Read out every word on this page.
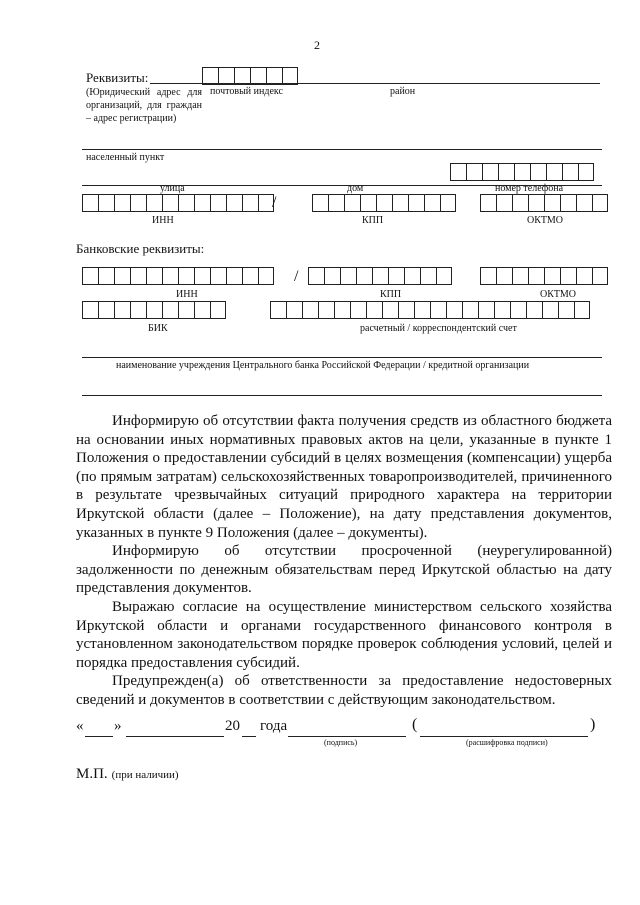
2
Реквизиты:
(Юридический адрес для организаций, для граждан – адрес регистрации)
почтовый индекс	район
населенный пункт
улица	дом	номер телефона
/
ИНН	КПП	ОКТМО
Банковские реквизиты:
/
ИНН	КПП	ОКТМО
БИК	расчетный / корреспондентский счет
наименование учреждения Центрального банка Российской Федерации / кредитной организации

Информирую об отсутствии факта получения средств из областного бюджета на основании иных нормативных правовых актов на цели, указанные в пункте 1 Положения о предоставлении субсидий в целях возмещения (компенсации) ущерба (по прямым затратам) сельскохозяйственных товаропроизводителей, причиненного в результате чрезвычайных ситуаций природного характера на территории Иркутской области (далее – Положение), на дату представления документов, указанных в пункте 9 Положения (далее – документы).

Информирую об отсутствии просроченной (неурегулированной) задолженности по денежным обязательствам перед Иркутской областью на дату представления документов.

Выражаю согласие на осуществление министерством сельского хозяйства Иркутской области и органами государственного финансового контроля в установленном законодательством порядке проверок соблюдения условий, целей и порядка предоставления субсидий.

Предупрежден(а) об ответственности за предоставление недостоверных сведений и документов в соответствии с действующим законодательством.

« »	20 года	(	)
(подпись)	(расшифровка подписи)
М.П. (при наличии)
